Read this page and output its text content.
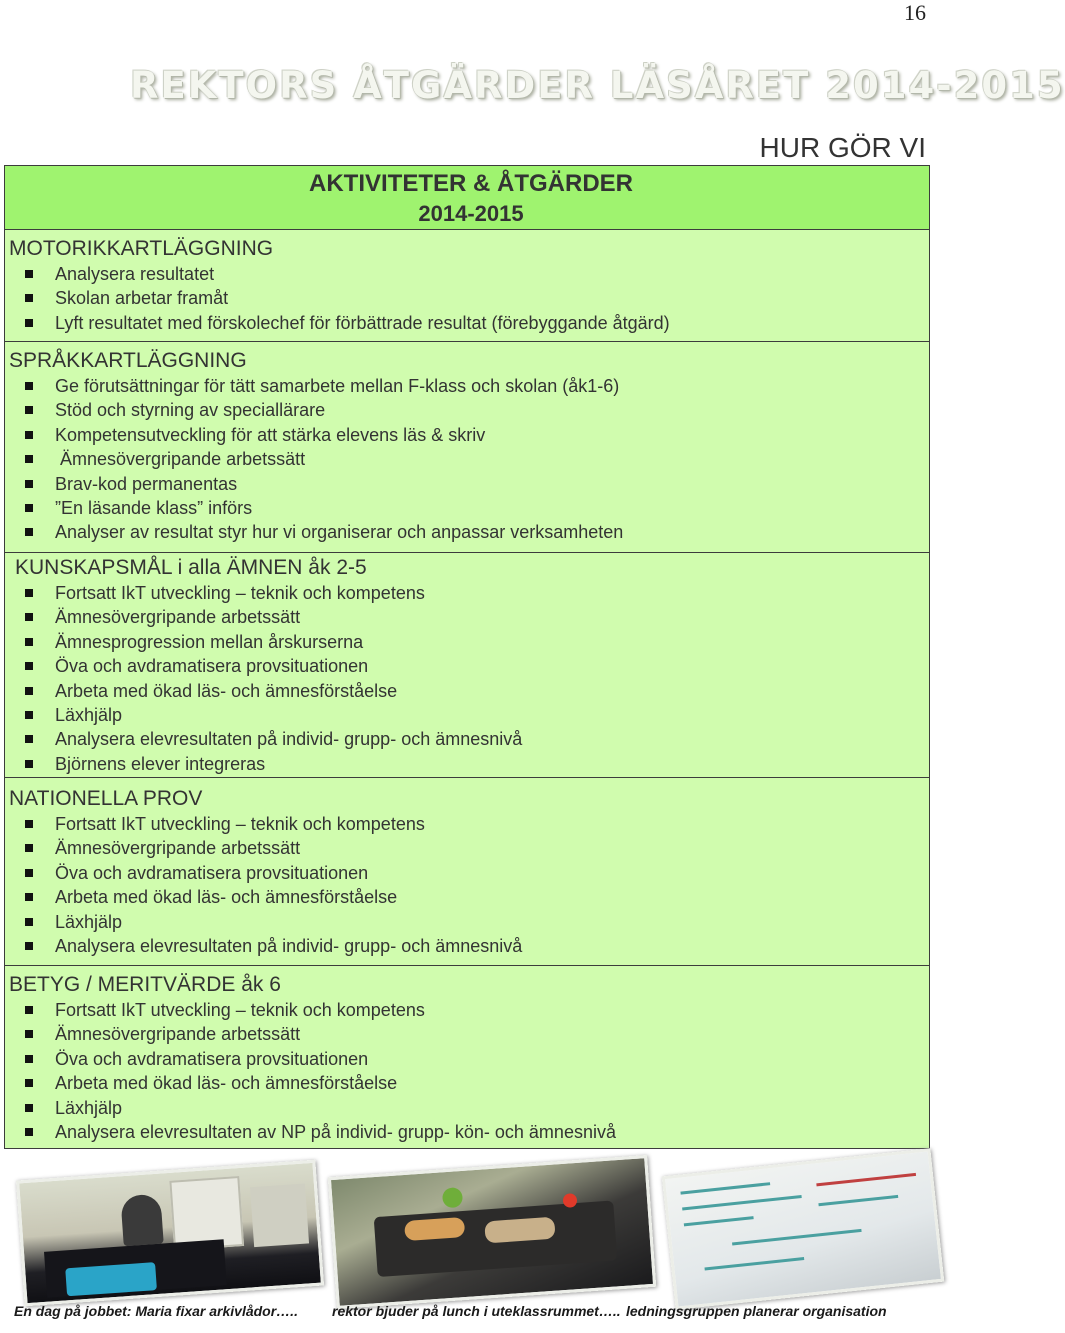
16
REKTORS ÅTGÄRDER LÄSÅRET 2014-2015
HUR GÖR VI
AKTIVITETER & ÅTGÄRDER
2014-2015
MOTORIKKARTLÄGGNING
Analysera resultatet
Skolan arbetar framåt
Lyft resultatet med förskolechef för förbättrade resultat (förebyggande åtgärd)
SPRÅKKARTLÄGGNING
Ge förutsättningar för tätt samarbete mellan F-klass och skolan (åk1-6)
Stöd och styrning av speciallärare
Kompetensutveckling för att stärka elevens läs & skriv
Ämnesövergripande arbetssätt
Brav-kod permanentas
”En läsande klass” införs
Analyser av resultat styr hur vi organiserar och anpassar verksamheten
KUNSKAPSMÅL i alla ÄMNEN åk 2-5
Fortsatt IkT utveckling – teknik och kompetens
Ämnesövergripande arbetssätt
Ämnesprogression mellan årskurserna
Öva och avdramatisera provsituationen
Arbeta med ökad läs- och ämnesförståelse
Läxhjälp
Analysera elevresultaten på individ- grupp- och ämnesnivå
Björnens elever integreras
NATIONELLA PROV
Fortsatt IkT utveckling – teknik och kompetens
Ämnesövergripande arbetssätt
Öva och avdramatisera provsituationen
Arbeta med ökad läs- och ämnesförståelse
Läxhjälp
Analysera elevresultaten på individ- grupp- och ämnesnivå
BETYG / MERITVÄRDE åk 6
Fortsatt IkT utveckling – teknik och kompetens
Ämnesövergripande arbetssätt
Öva och avdramatisera provsituationen
Arbeta med ökad läs- och ämnesförståelse
Läxhjälp
Analysera elevresultaten av NP på individ- grupp- kön- och ämnesnivå
En dag på jobbet: Maria fixar arkivlådor….. rektor bjuder på lunch i uteklassrummet….. ledningsgruppen planerar organisation
